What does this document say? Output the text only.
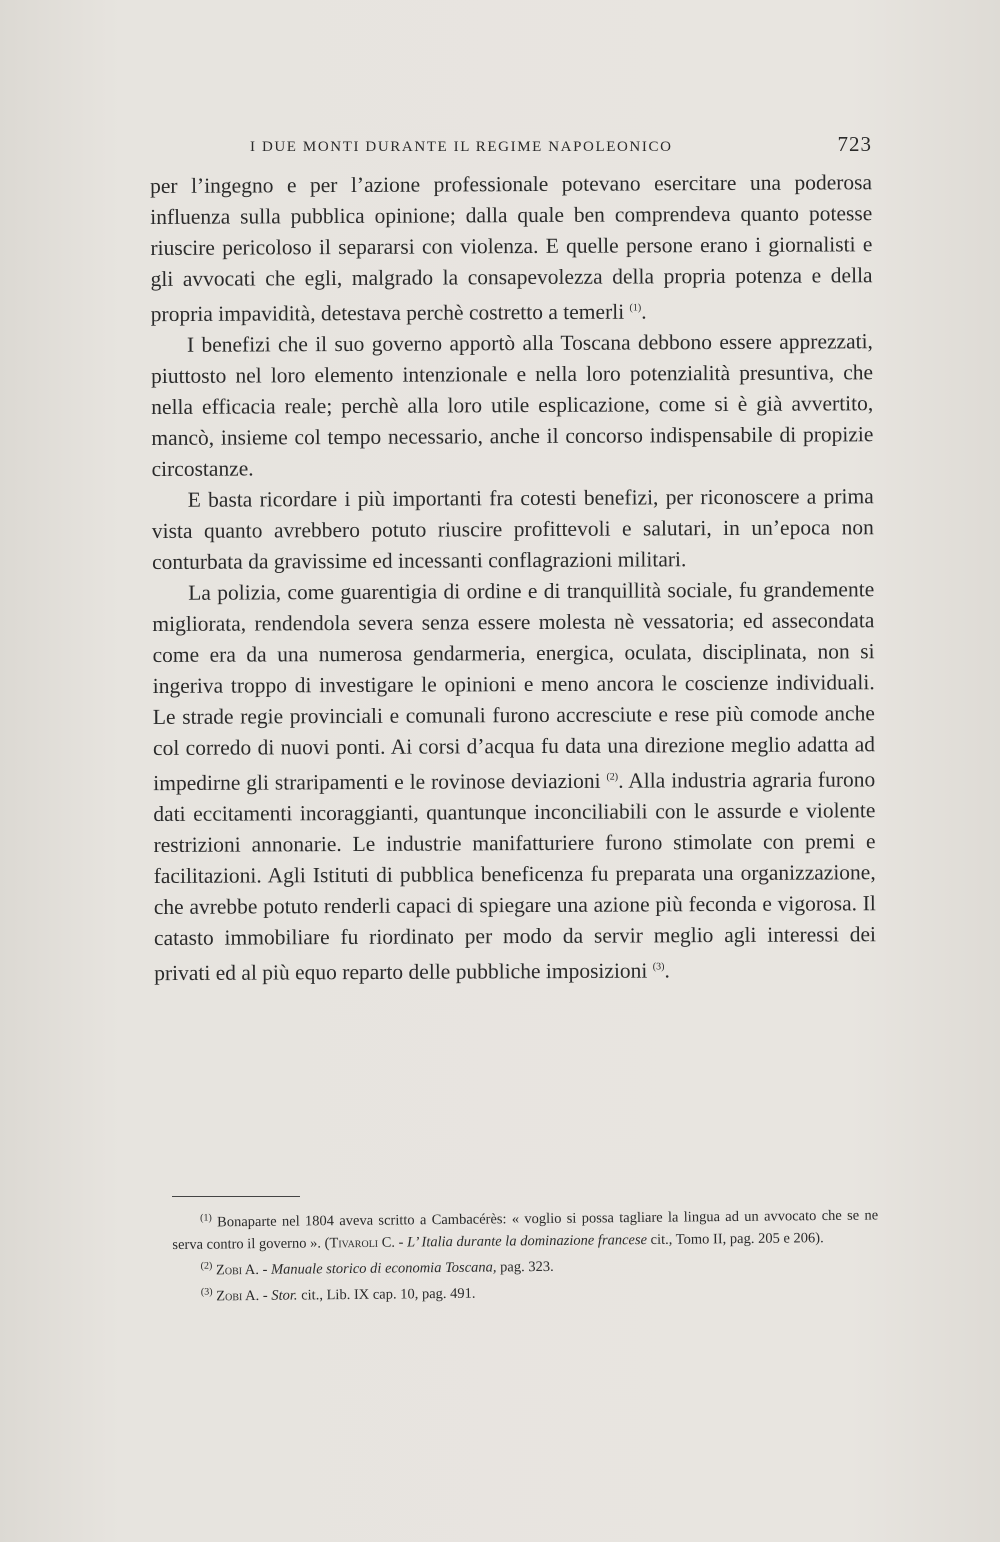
I DUE MONTI DURANTE IL REGIME NAPOLEONICO	723

per l’ingegno e per l’azione professionale potevano esercitare una poderosa influenza sulla pubblica opinione; dalla quale ben comprendeva quanto potesse riuscire pericoloso il separarsi con violenza. E quelle persone erano i giornalisti e gli avvocati che egli, malgrado la consapevolezza della propria potenza e della propria impavidità, detestava perchè costretto a temerli $^{(1)}$.

I benefizi che il suo governo apportò alla Toscana debbono essere apprezzati, piuttosto nel loro elemento intenzionale e nella loro potenzialità presuntiva, che nella efficacia reale; perchè alla loro utile esplicazione, come si è già avvertito, mancò, insieme col tempo necessario, anche il concorso indispensabile di propizie circostanze.

E basta ricordare i più importanti fra cotesti benefizi, per riconoscere a prima vista quanto avrebbero potuto riuscire profittevoli e salutari, in un’epoca non conturbata da gravissime ed incessanti conflagrazioni militari.

La polizia, come guarentigia di ordine e di tranquillità sociale, fu grandemente migliorata, rendendola severa senza essere molesta nè vessatoria; ed assecondata come era da una numerosa gendarmeria, energica, oculata, disciplinata, non si ingeriva troppo di investigare le opinioni e meno ancora le coscienze individuali. Le strade regie provinciali e comunali furono accresciute e rese più comode anche col corredo di nuovi ponti. Ai corsi d’acqua fu data una direzione meglio adatta ad impedirne gli straripamenti e le rovinose deviazioni $^{(2)}$. Alla industria agraria furono dati eccitamenti incoraggianti, quantunque inconciliabili con le assurde e violente restrizioni annonarie. Le industrie manifatturiere furono stimolate con premi e facilitazioni. Agli Istituti di pubblica beneficenza fu preparata una organizzazione, che avrebbe potuto renderli capaci di spiegare una azione più feconda e vigorosa. Il catasto immobiliare fu riordinato per modo da servir meglio agli interessi dei privati ed al più equo reparto delle pubbliche imposizioni $^{(3)}$.

$^{(1)}$ Bonaparte nel 1804 aveva scritto a Cambacérès: « voglio si possa tagliare la lingua ad un avvocato che se ne serva contro il governo ». (Tivaroli C. - L’ Italia durante la dominazione francese cit., Tomo II, pag. 205 e 206).

$^{(2)}$ Zobi A. - Manuale storico di economia Toscana, pag. 323.

$^{(3)}$ Zobi A. - Stor. cit., Lib. IX cap. 10, pag. 491.
